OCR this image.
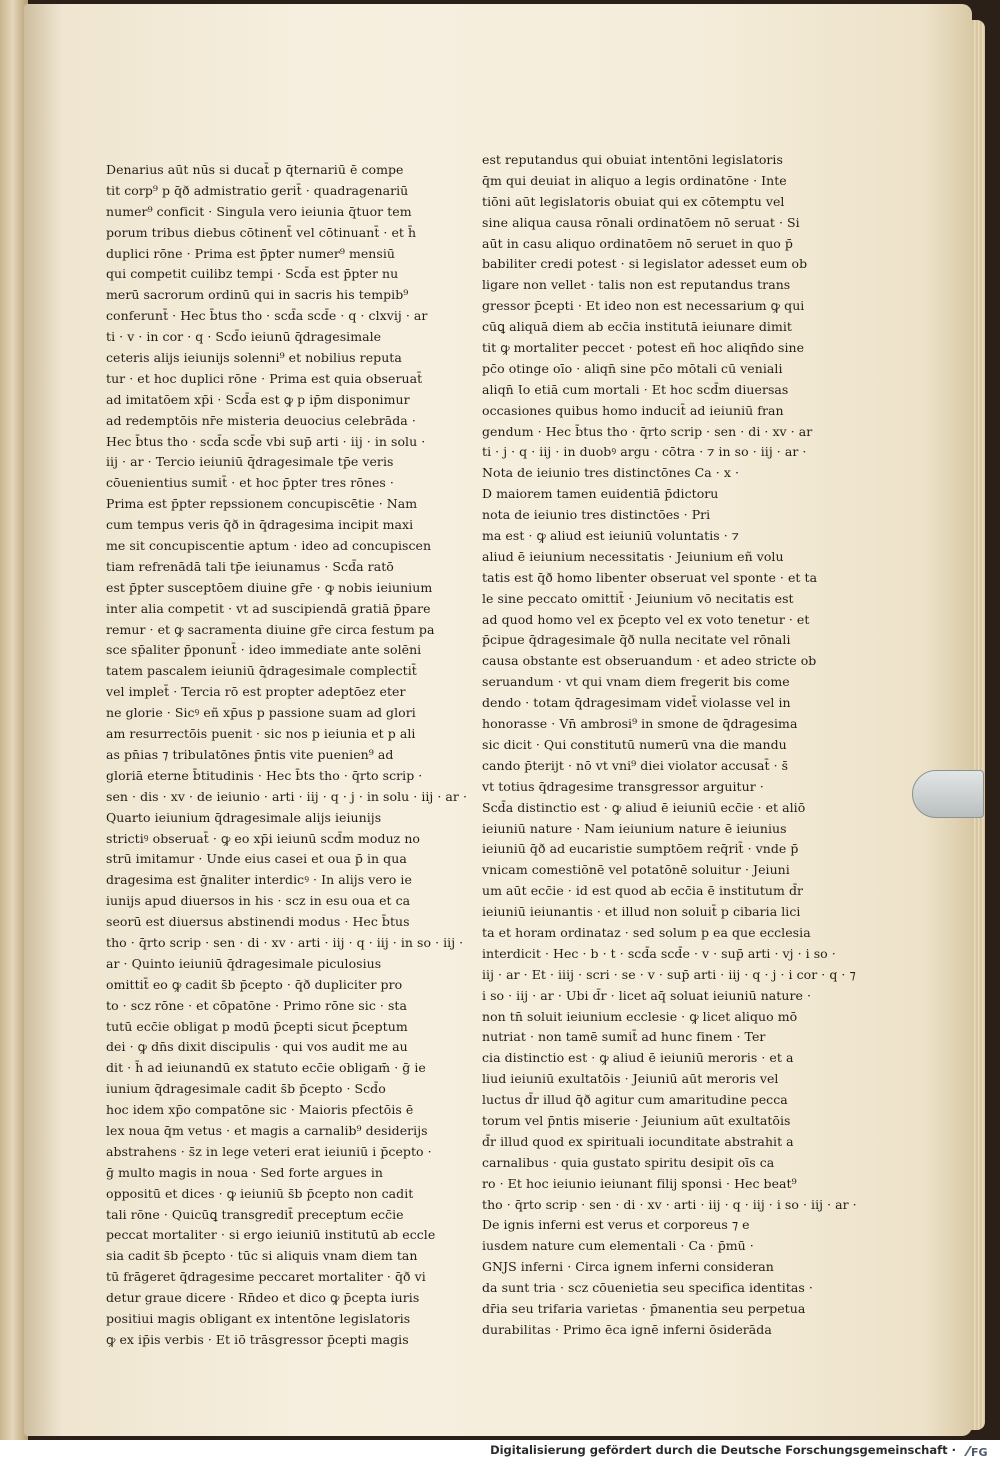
Denarius aūt nūs si ducat̄ p q̄ternariū ē compe
tit corp⁹ p q̄ð admistratio gerit̄ · quadragenariū
numer⁹ conficit · Singula vero ieiunia q̄tuor tem
porum tribus diebus cōtinent̄ vel cōtinuant̄ · et h̄
duplici rōne · Prima est p̄pter numer⁹ mensiū
qui competit cuilibz tempi · Scd̄a est p̄pter nu
merū sacrorum ordinū qui in sacris his tempib⁹
conferunt̄ · Hec b̄tus tho · scd̄a scd̄e · q · clxvij · ar
ti · v · in cor · q · Scd̄o ieiunū q̄dragesimale
ceteris alijs ieiunijs solenni⁹ et nobilius reputa
tur · et hoc duplici rōne · Prima est quia obseruat̄
ad imitatōem xp̄i · Scd̄a est ꝙ p ip̄m disponimur
ad redemptōis nr̄e misteria deuocius celebrāda ·
Hec b̄tus tho · scd̄a scd̄e vbi sup̄ arti · iij · in solu ·
iij · ar · Tercio ieiuniū q̄dragesimale tp̄e veris
cōuenientius sumit̄ · et hoc p̄pter tres rōnes ·
Prima est p̄pter repssionem concupiscētie · Nam
cum tempus veris q̄ð in q̄dragesima incipit maxi
me sit concupiscentie aptum · ideo ad concupiscen
tiam refrenādā tali tp̄e ieiunamus · Scd̄a ratō
est p̄pter susceptōem diuine gr̄e · ꝙ nobis ieiunium
inter alia competit · vt ad suscipiendā gratiā p̄pare
remur · et ꝙ sacramenta diuine gr̄e circa festum pa
sce sp̄aliter p̄ponunt̄ · ideo immediate ante solēni
tatem pascalem ieiuniū q̄dragesimale complectit̄
vel implet̄ · Tercia rō est propter adeptōez eter
ne glorie · Sicꝰ eñ xp̄us p passione suam ad glori
am resurrectōis puenit · sic nos p ieiunia et p ali
as pn̄ias ⁊ tribulatōnes p̄ntis vite puenien⁹ ad
gloriā eterne b̄titudinis · Hec b̄ts tho · q̄rto scrip ·
sen · dis · xv · de ieiunio · arti · iij · q · j · in solu · iij · ar ·
Quarto ieiunium q̄dragesimale alijs ieiunijs
strictiꝰ obseruat̄ · ꝙ eo xp̄i ieiunū scd̄m moduz no
strū imitamur · Unde eius casei et oua p̄ in qua
dragesima est ḡnaliter interdicꝰ · In alijs vero ie
iunijs apud diuersos in his · scz in esu oua et ca
seorū est diuersus abstinendi modus · Hec b̄tus
tho · q̄rto scrip · sen · di · xv · arti · iij · q · iij · in so · iij ·
ar · Quinto ieiuniū q̄dragesimale piculosius
omittit̄ eo ꝙ cadit s̄b p̄cepto · q̄ð dupliciter pro
to · scz rōne · et cōpatōne · Primo rōne sic · sta
tutū ecc̄ie obligat p modū p̄cepti sicut p̄ceptum
dei · ꝙ dn̄s dixit discipulis · qui vos audit me au
dit · h̄ ad ieiunandū ex statuto ecc̄ie obligam̄ · ḡ ie
iunium q̄dragesimale cadit s̄b p̄cepto · Scd̄o
hoc idem xp̄o compatōne sic · Maioris pfectōis ē
lex noua q̄m vetus · et magis a carnalib⁹ desiderijs
abstrahens · s̄z in lege veteri erat ieiuniū i p̄cepto ·
ḡ multo magis in noua · Sed forte argues in
oppositū et dices · ꝙ ieiuniū s̄b p̄cepto non cadit
tali rōne · Quicūꝗ transgredit̄ preceptum ecc̄ie
peccat mortaliter · si ergo ieiuniū institutū ab eccle
sia cadit s̄b p̄cepto · tūc si aliquis vnam diem tan
tū frāgeret q̄dragesime peccaret mortaliter · q̄ð vi
detur graue dicere · Rn̄deo et dico ꝙ p̄cepta iuris
positiui magis obligant ex intentōne legislatoris
ꝙ ex ip̄is verbis · Et iō trāsgressor p̄cepti magis
est reputandus qui obuiat intentōni legislatoris
q̄m qui deuiat in aliquo a legis ordinatōne · Inte
tiōni aūt legislatoris obuiat qui ex cōtemptu vel
sine aliqua causa rōnali ordinatōem nō seruat · Si
aūt in casu aliquo ordinatōem nō seruet in quo p̄
babiliter credi potest · si legislator adesset eum ob
ligare non vellet · talis non est reputandus trans
gressor p̄cepti · Et ideo non est necessarium ꝙ qui
cūꝗ aliquā diem ab ecc̄ia institutā ieiunare dimit
tit ꝙ mortaliter peccet · potest eñ hoc aliqn̄do sine
pc̄o otinge oīo · aliqn̄ sine pc̄o mōtali cū veniali
aliqn̄ Ɩo etiā cum mortali · Et hoc scd̄m diuersas
occasiones quibus homo inducit̄ ad ieiuniū fran
gendum · Hec b̄tus tho · q̄rto scrip · sen · di · xv · ar
ti · j · q · iij · in duobꝰ argu · cōtra · ⁊ in so · iij · ar ·
Nota de ieiunio tres distinctōnes Ca · x ·
D maiorem tamen euidentiā p̄dictoru
nota de ieiunio tres distinctōes · Pri
ma est · ꝙ aliud est ieiuniū voluntatis · ⁊
aliud ē ieiunium necessitatis · Jeiunium eñ volu
tatis est q̄ð homo libenter obseruat vel sponte · et ta
le sine peccato omittit̄ · Jeiunium vō necitatis est
ad quod homo vel ex p̄cepto vel ex voto tenetur · et
p̄cipue q̄dragesimale q̄ð nulla necitate vel rōnali
causa obstante est obseruandum · et adeo stricte ob
seruandum · vt qui vnam diem fregerit bis come
dendo · totam q̄dragesimam videt̄ violasse vel in
honorasse · Vn̄ ambrosi⁹ in smone de q̄dragesima
sic dicit · Qui constitutū numerū vna die mandu
cando p̄terijt · nō vt vni⁹ diei violator accusat̄ · s̄
vt totius q̄dragesime transgressor arguitur ·
Scd̄a distinctio est · ꝙ aliud ē ieiuniū ecc̄ie · et aliō
ieiuniū nature · Nam ieiunium nature ē ieiunius
ieiuniū q̄ð ad eucaristie sumptōem req̄rit̄ · vnde p̄
vnicam comestiōnē vel potatōnē soluitur · Jeiuni
um aūt ecc̄ie · id est quod ab ecc̄ia ē institutum d̄r
ieiuniū ieiunantis · et illud non soluit̄ p cibaria lici
ta et horam ordinataz · sed solum p ea que ecclesia
interdicit · Hec · b · t · scd̄a scd̄e · v · sup̄ arti · vj · i so ·
iij · ar · Et · iiij · scri · se · v · sup̄ arti · iij · q · j · i cor · q · ⁊
i so · iij · ar · Ubi d̄r · licet aq̄ soluat ieiuniū nature ·
non tn̄ soluit ieiunium ecclesie · ꝙ licet aliquo mō
nutriat · non tamē sumit̄ ad hunc finem · Ter
cia distinctio est · ꝙ aliud ē ieiuniū meroris · et a
liud ieiuniū exultatōis · Jeiuniū aūt meroris vel
luctus d̄r illud q̄ð agitur cum amaritudine pecca
torum vel p̄ntis miserie · Jeiunium aūt exultatōis
d̄r illud quod ex spirituali iocunditate abstrahit a
carnalibus · quia gustato spiritu desipit oīs ca
ro · Et hoc ieiunio ieiunant filij sponsi · Hec beat⁹
tho · q̄rto scrip · sen · di · xv · arti · iij · q · iij · i so · iij · ar ·
De ignis inferni est verus et corporeus ⁊ e
iusdem nature cum elementali · Ca · p̄mū ·
GNJS inferni · Circa ignem inferni consideran
da sunt tria · scz cōuenietia seu specifica identitas ·
dr̄ia seu trifaria varietas · p̄manentia seu perpetua
durabilitas · Primo ēca ignē inferni ōsiderāda
Digitalisierung gefördert durch die Deutsche Forschungsgemeinschaft · FG
